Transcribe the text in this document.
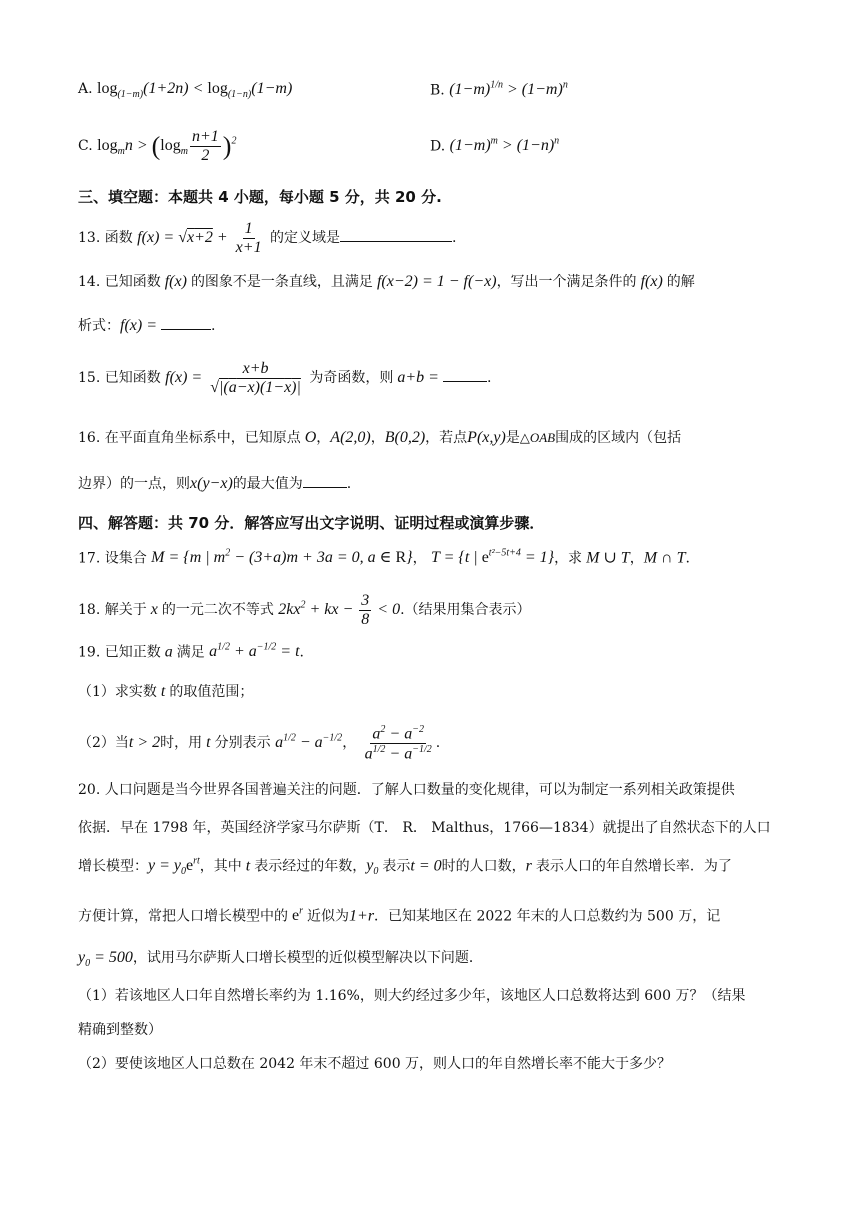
A. $\log_{(1-m)}(1+2n) < \log_{(1-n)}(1-m)$	B. $(1-m)^{1/n} > (1-m)^n$
C. $\log_mn > (\log_m \frac{n+1}{2} )^2$	D. $(1-m)^m > (1-n)^n$
三、填空题：本题共 4 小题，每小题 5 分，共 20 分.
13. 函数 $f(x) = √x+2 + \frac{1}{x+1}$ 的定义域是	.
14. 已知函数 f(x) 的图象不是一条直线，且满足 f(x−2) = 1 − f(−x)，写出一个满足条件的 f(x) 的解
析式：f(x) =	.
15. 已知函数 $f(x) = \frac{x+b}{√|(a-x)(1-x)|}$ 为奇函数，则 a+b =	.
16. 在平面直角坐标系中，已知原点 O，A(2,0)，B(0,2)，若点P(x,y)是△OAB围成的区域内（包括
边界）的一点，则x(y−x)的最大值为	.
四、解答题：共 70 分．解答应写出文字说明、证明过程或演算步骤．
17. 设集合 M = {m | $m^2 - (3+a)m + 3a = 0$, a ∈ R}， T = {t | $e^{t^2-5t+4} = 1$}，求 M ∪ T，M ∩ T.
18. 解关于 x 的一元二次不等式 $2kx^2$ + kx − $\frac{3}{8} < 0$.（结果用集合表示）
19. 已知正数 a 满足 $a^{1/2} + a^{-1/2} = t$.
（1）求实数 t 的取值范围；
（2）当t > 2时，用 t 分别表示 $a^{1/2} - a^{-1/2}$， $\frac{a^2 - a^{-2}}{a^{1/2} - a^{-1/2}}$ .
20. 人口问题是当今世界各国普遍关注的问题．了解人口数量的变化规律，可以为制定一系列相关政策提供
依据．早在 1798 年，英国经济学家马尔萨斯（T． R． Malthus，1766—1834）就提出了自然状态下的人口
增长模型：$y = y_0e^{rt}$，其中 t 表示经过的年数，$y_0$ 表示t = 0时的人口数，r 表示人口的年自然增长率．为了
方便计算，常把人口增长模型中的 $e^r$ 近似为1+r．已知某地区在 2022 年末的人口总数约为 500 万，记
$y_0 = 500$，试用马尔萨斯人口增长模型的近似模型解决以下问题．
（1）若该地区人口年自然增长率约为 1.16%，则大约经过多少年，该地区人口总数将达到 600 万？（结果
精确到整数）
（2）要使该地区人口总数在 2042 年末不超过 600 万，则人口的年自然增长率不能大于多少？
